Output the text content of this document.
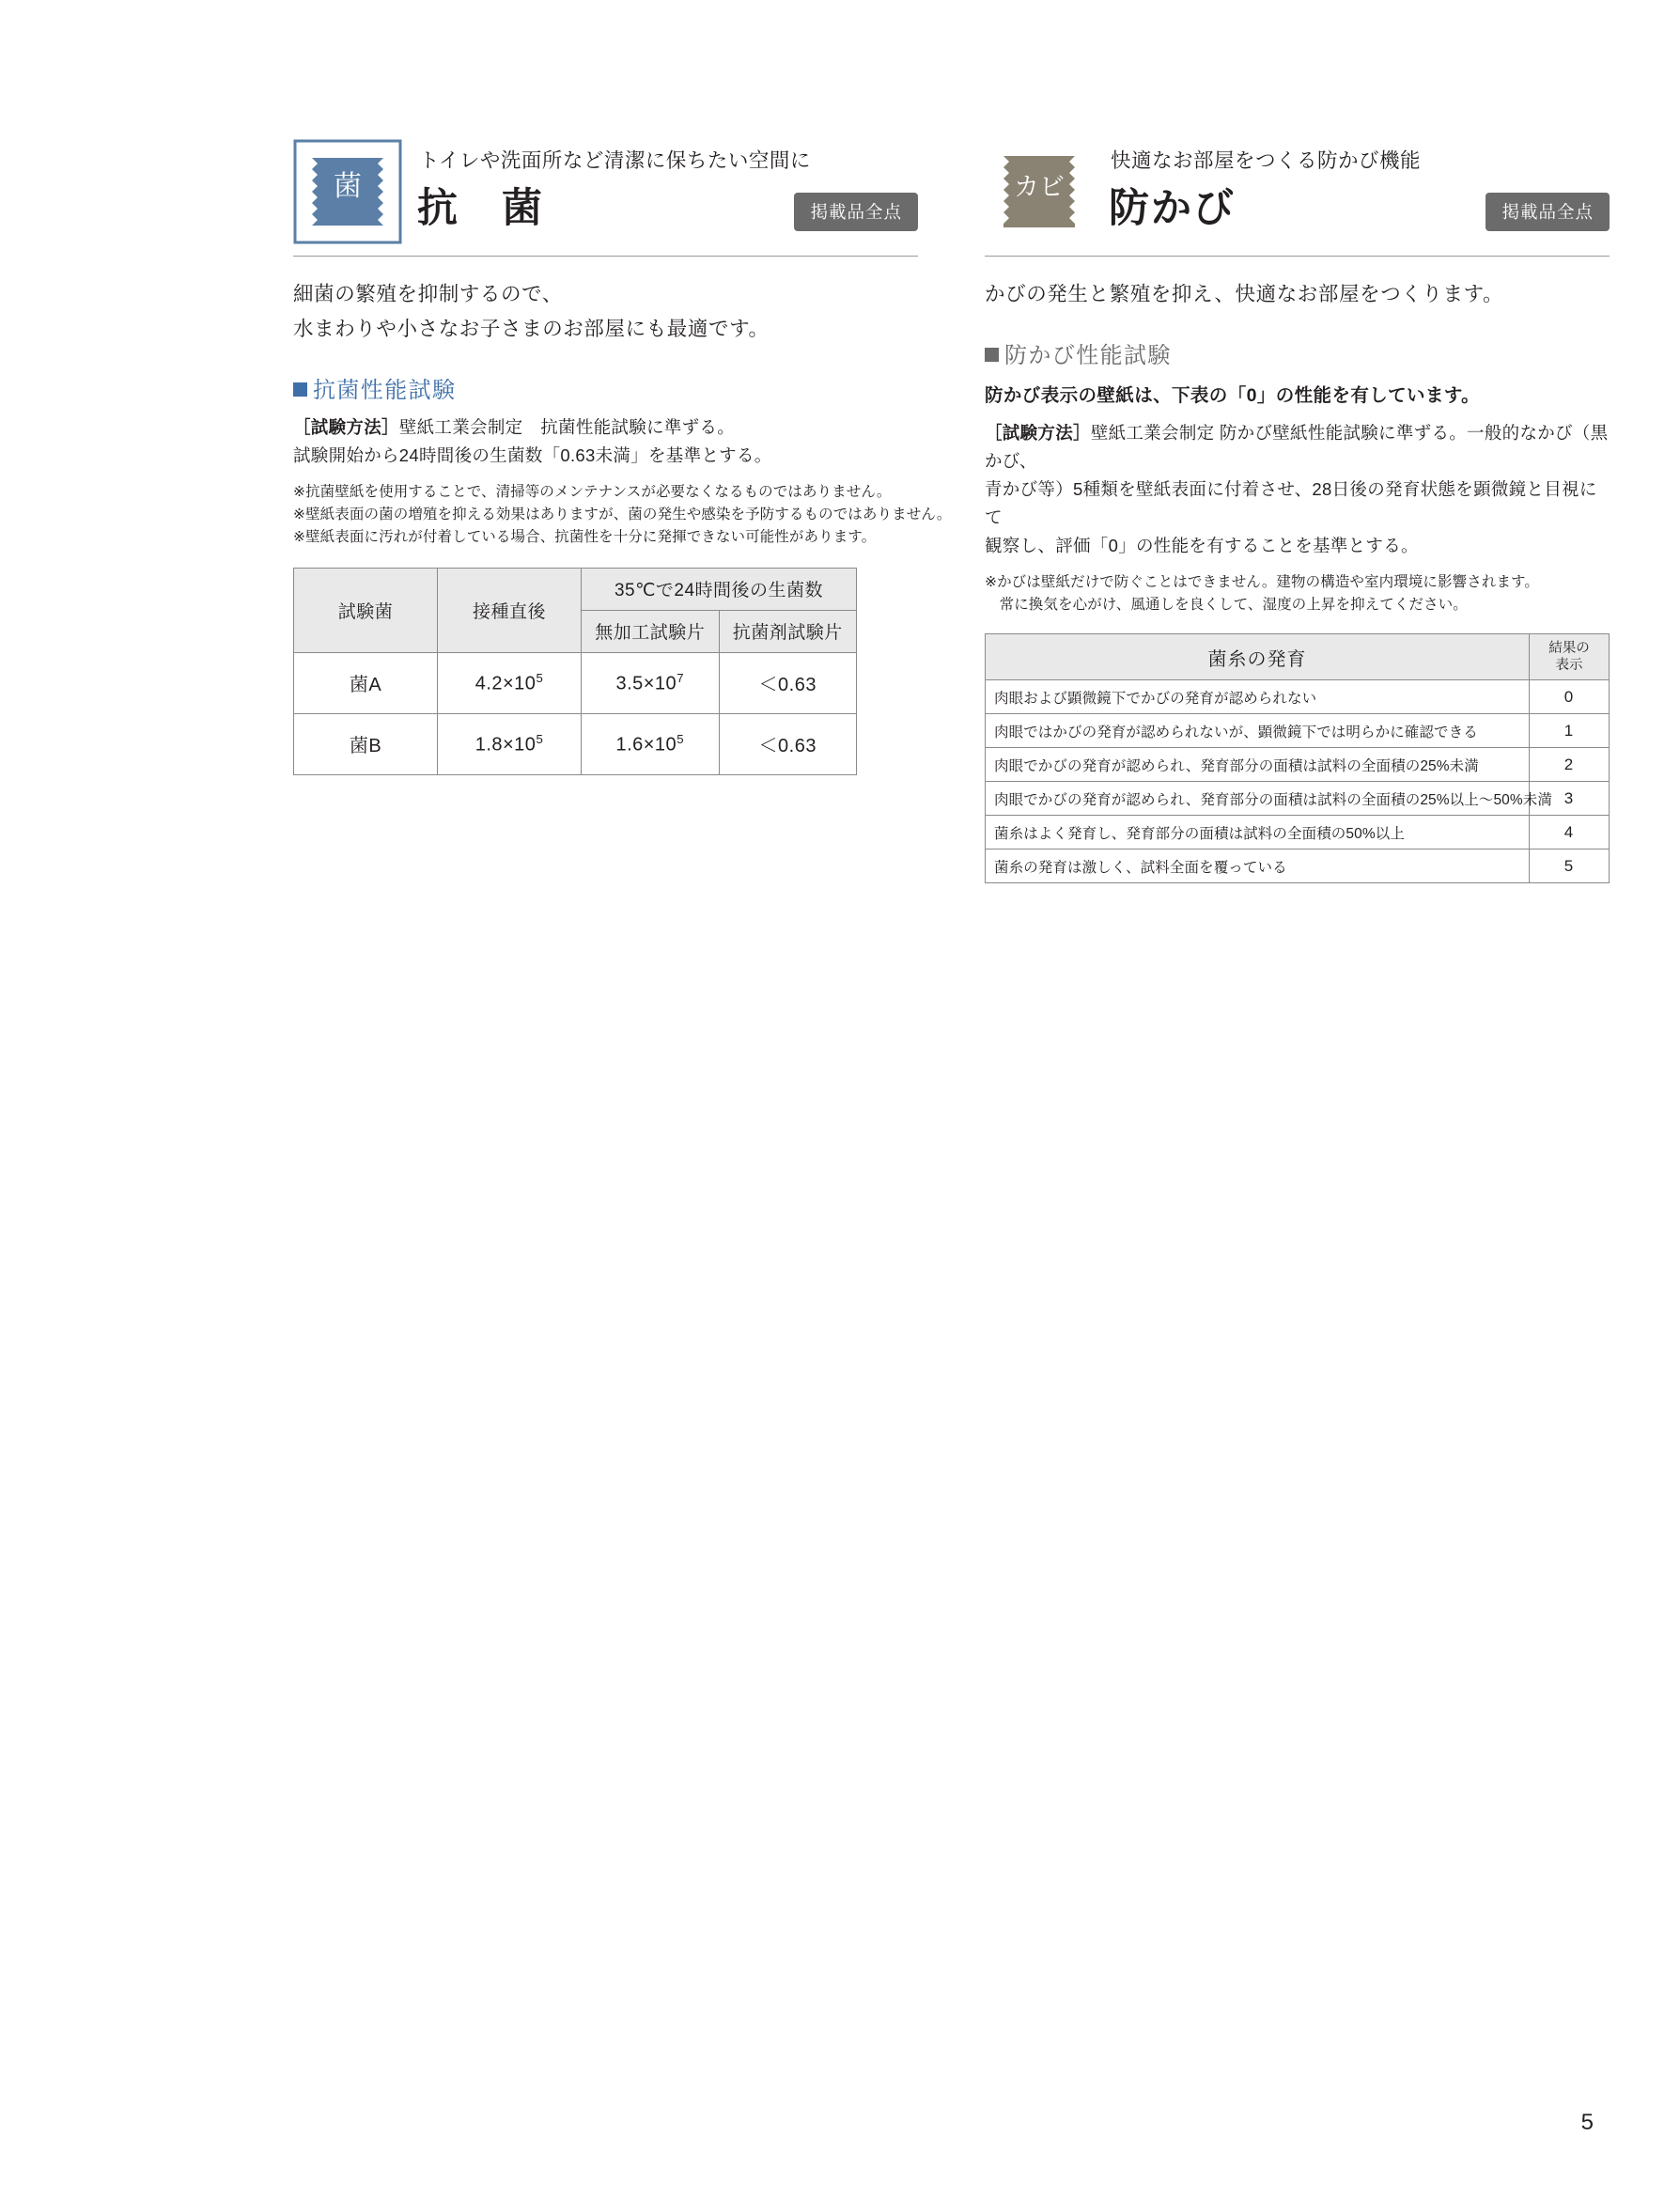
菌
トイレや洗面所など清潔に保ちたい空間に
抗　菌	掲載品全点
細菌の繁殖を抑制するので、
水まわりや小さなお子さまのお部屋にも最適です。
抗菌性能試験
［試験方法］壁紙工業会制定　抗菌性能試験に準ずる。
試験開始から24時間後の生菌数「0.63未満」を基準とする。
※抗菌壁紙を使用することで、清掃等のメンテナンスが必要なくなるものではありません。
※壁紙表面の菌の増殖を抑える効果はありますが、菌の発生や感染を予防するものではありません。
※壁紙表面に汚れが付着している場合、抗菌性を十分に発揮できない可能性があります。
試験菌	接種直後	35℃で24時間後の生菌数	
		無加工試験片	抗菌剤試験片
菌A	$4.2\times 10^5$	$3.5\times 10^7$	＜0.63
菌B	$1.8\times 10^5$	$1.6\times 10^5$	＜0.63
カビ
快適なお部屋をつくる防かび機能
防かび	掲載品全点
かびの発生と繁殖を抑え、快適なお部屋をつくります。
防かび性能試験
防かび表示の壁紙は、下表の「0」の性能を有しています。
［試験方法］壁紙工業会制定 防かび壁紙性能試験に準ずる。一般的なかび（黒かび、
青かび等）5種類を壁紙表面に付着させ、28日後の発育状態を顕微鏡と目視にて
観察し、評価「0」の性能を有することを基準とする。
※かびは壁紙だけで防ぐことはできません。建物の構造や室内環境に影響されます。
　常に換気を心がけ、風通しを良くして、湿度の上昇を抑えてください。
菌糸の発育	結果の
表示
肉眼および顕微鏡下でかびの発育が認められない	0
肉眼ではかびの発育が認められないが、顕微鏡下では明らかに確認できる	1
肉眼でかびの発育が認められ、発育部分の面積は試料の全面積の25%未満	2
肉眼でかびの発育が認められ、発育部分の面積は試料の全面積の25%以上～50%未満	3
菌糸はよく発育し、発育部分の面積は試料の全面積の50%以上	4
菌糸の発育は激しく、試料全面を覆っている	5
5
